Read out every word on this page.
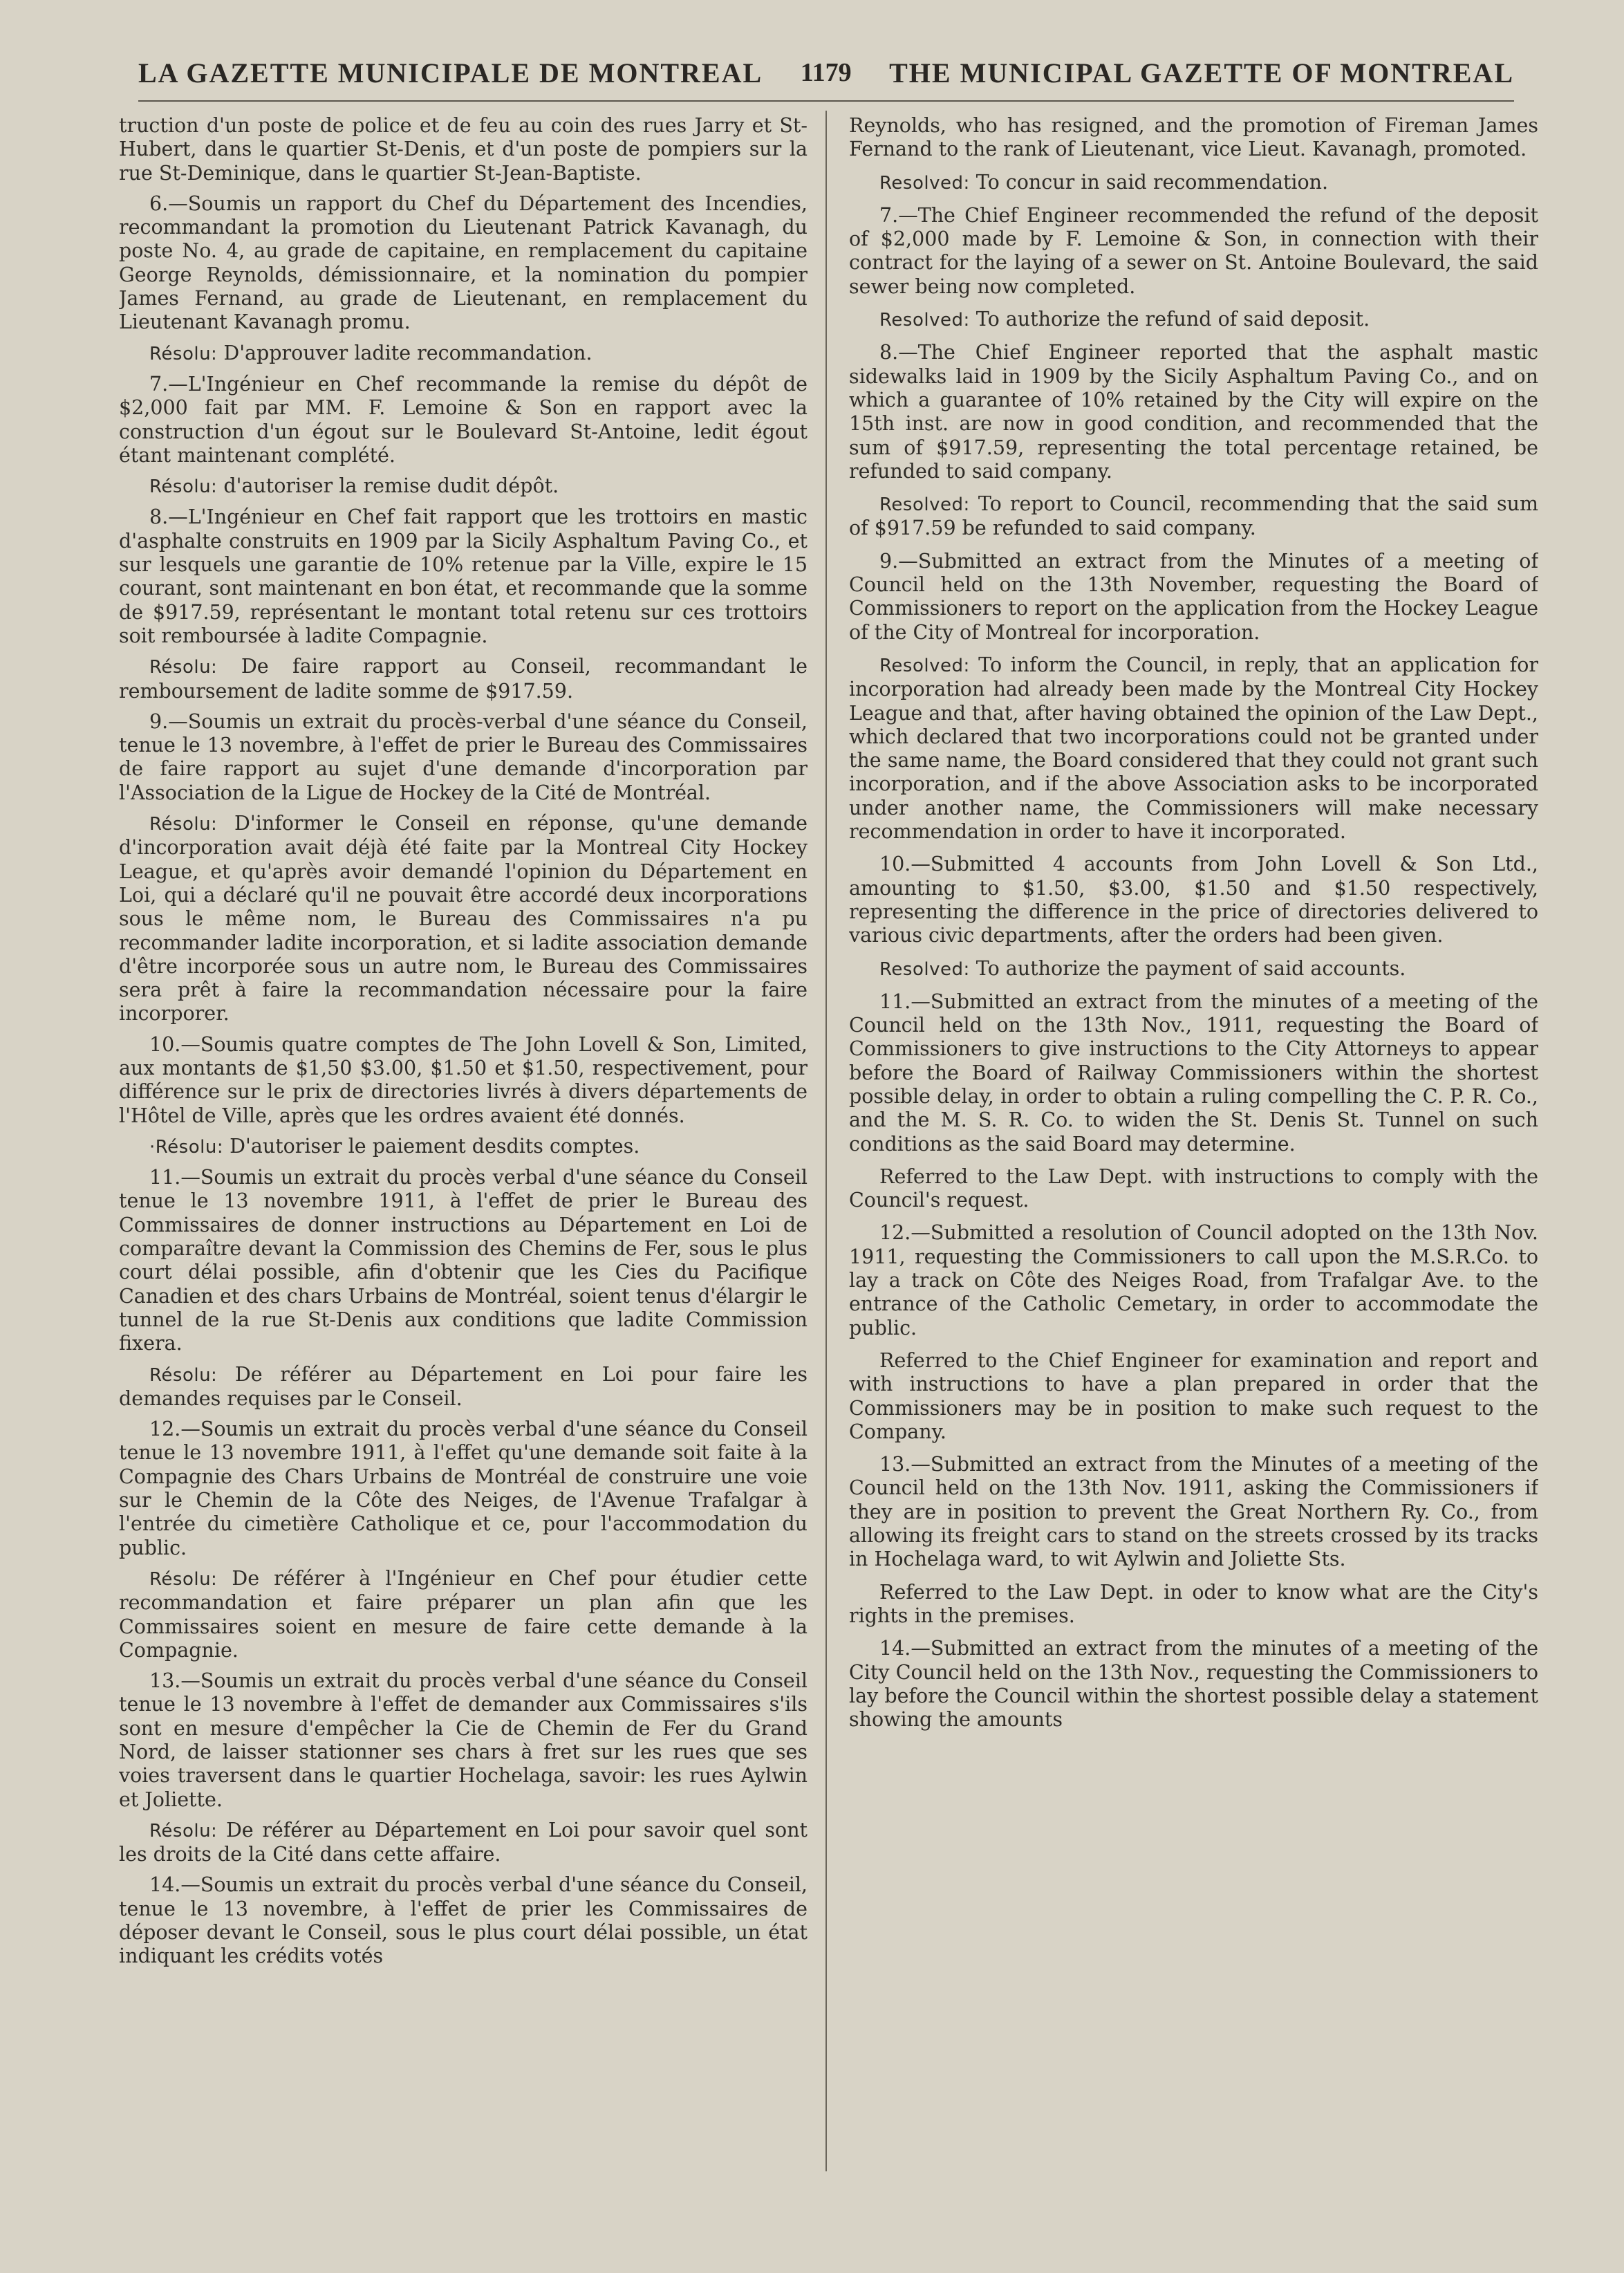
LA GAZETTE MUNICIPALE DE MONTREAL 1179 THE MUNICIPAL GAZETTE OF MONTREAL

truction d'un poste de police et de feu au coin des rues Jarry et St-Hubert, dans le quartier St-Denis, et d'un poste de pompiers sur la rue St-Deminique, dans le quartier St-Jean-Baptiste.

6.—Soumis un rapport du Chef du Département des Incendies, recommandant la promotion du Lieutenant Patrick Kavanagh, du poste No. 4, au grade de capitaine, en remplacement du capitaine George Reynolds, démissionnaire, et la nomination du pompier James Fernand, au grade de Lieutenant, en remplacement du Lieutenant Kavanagh promu.

Résolu: D'approuver ladite recommandation.

7.—L'Ingénieur en Chef recommande la remise du dépôt de $2,000 fait par MM. F. Lemoine & Son en rapport avec la construction d'un égout sur le Boulevard St-Antoine, ledit égout étant maintenant complété.

Résolu: d'autoriser la remise dudit dépôt.

8.—L'Ingénieur en Chef fait rapport que les trottoirs en mastic d'asphalte construits en 1909 par la Sicily Asphaltum Paving Co., et sur lesquels une garantie de 10% retenue par la Ville, expire le 15 courant, sont maintenant en bon état, et recommande que la somme de $917.59, représentant le montant total retenu sur ces trottoirs soit remboursée à ladite Compagnie.

Résolu: De faire rapport au Conseil, recommandant le remboursement de ladite somme de $917.59.

9.—Soumis un extrait du procès-verbal d'une séance du Conseil, tenue le 13 novembre, à l'effet de prier le Bureau des Commissaires de faire rapport au sujet d'une demande d'incorporation par l'Association de la Ligue de Hockey de la Cité de Montréal.

Résolu: D'informer le Conseil en réponse, qu'une demande d'incorporation avait déjà été faite par la Montreal City Hockey League, et qu'après avoir demandé l'opinion du Département en Loi, qui a déclaré qu'il ne pouvait être accordé deux incorporations sous le même nom, le Bureau des Commissaires n'a pu recommander ladite incorporation, et si ladite association demande d'être incorporée sous un autre nom, le Bureau des Commissaires sera prêt à faire la recommandation nécessaire pour la faire incorporer.

10.—Soumis quatre comptes de The John Lovell & Son, Limited, aux montants de $1,50 $3.00, $1.50 et $1.50, respectivement, pour différence sur le prix de directories livrés à divers départements de l'Hôtel de Ville, après que les ordres avaient été donnés.

·Résolu: D'autoriser le paiement desdits comptes.

11.—Soumis un extrait du procès verbal d'une séance du Conseil tenue le 13 novembre 1911, à l'effet de prier le Bureau des Commissaires de donner instructions au Département en Loi de comparaître devant la Commission des Chemins de Fer, sous le plus court délai possible, afin d'obtenir que les Cies du Pacifique Canadien et des chars Urbains de Montréal, soient tenus d'élargir le tunnel de la rue St-Denis aux conditions que ladite Commission fixera.

Résolu: De référer au Département en Loi pour faire les demandes requises par le Conseil.

12.—Soumis un extrait du procès verbal d'une séance du Conseil tenue le 13 novembre 1911, à l'effet qu'une demande soit faite à la Compagnie des Chars Urbains de Montréal de construire une voie sur le Chemin de la Côte des Neiges, de l'Avenue Trafalgar à l'entrée du cimetière Catholique et ce, pour l'accommodation du public.

Résolu: De référer à l'Ingénieur en Chef pour étudier cette recommandation et faire préparer un plan afin que les Commissaires soient en mesure de faire cette demande à la Compagnie.

13.—Soumis un extrait du procès verbal d'une séance du Conseil tenue le 13 novembre à l'effet de demander aux Commissaires s'ils sont en mesure d'empêcher la Cie de Chemin de Fer du Grand Nord, de laisser stationner ses chars à fret sur les rues que ses voies traversent dans le quartier Hochelaga, savoir: les rues Aylwin et Joliette.

Résolu: De référer au Département en Loi pour savoir quel sont les droits de la Cité dans cette affaire.

14.—Soumis un extrait du procès verbal d'une séance du Conseil, tenue le 13 novembre, à l'effet de prier les Commissaires de déposer devant le Conseil, sous le plus court délai possible, un état indiquant les crédits votés

Reynolds, who has resigned, and the promotion of Fireman James Fernand to the rank of Lieutenant, vice Lieut. Kavanagh, promoted.

Resolved: To concur in said recommendation.

7.—The Chief Engineer recommended the refund of the deposit of $2,000 made by F. Lemoine & Son, in connection with their contract for the laying of a sewer on St. Antoine Boulevard, the said sewer being now completed.

Resolved: To authorize the refund of said deposit.

8.—The Chief Engineer reported that the asphalt mastic sidewalks laid in 1909 by the Sicily Asphaltum Paving Co., and on which a guarantee of 10% retained by the City will expire on the 15th inst. are now in good condition, and recommended that the sum of $917.59, representing the total percentage retained, be refunded to said company.

Resolved: To report to Council, recommending that the said sum of $917.59 be refunded to said company.

9.—Submitted an extract from the Minutes of a meeting of Council held on the 13th November, requesting the Board of Commissioners to report on the application from the Hockey League of the City of Montreal for incorporation.

Resolved: To inform the Council, in reply, that an application for incorporation had already been made by the Montreal City Hockey League and that, after having obtained the opinion of the Law Dept., which declared that two incorporations could not be granted under the same name, the Board considered that they could not grant such incorporation, and if the above Association asks to be incorporated under another name, the Commissioners will make necessary recommendation in order to have it incorporated.

10.—Submitted 4 accounts from John Lovell & Son Ltd., amounting to $1.50, $3.00, $1.50 and $1.50 respectively, representing the difference in the price of directories delivered to various civic departments, after the orders had been given.

Resolved: To authorize the payment of said accounts.

11.—Submitted an extract from the minutes of a meeting of the Council held on the 13th Nov., 1911, requesting the Board of Commissioners to give instructions to the City Attorneys to appear before the Board of Railway Commissioners within the shortest possible delay, in order to obtain a ruling compelling the C. P. R. Co., and the M. S. R. Co. to widen the St. Denis St. Tunnel on such conditions as the said Board may determine.

Referred to the Law Dept. with instructions to comply with the Council's request.

12.—Submitted a resolution of Council adopted on the 13th Nov. 1911, requesting the Commissioners to call upon the M.S.R.Co. to lay a track on Côte des Neiges Road, from Trafalgar Ave. to the entrance of the Catholic Cemetary, in order to accommodate the public.

Referred to the Chief Engineer for examination and report and with instructions to have a plan prepared in order that the Commissioners may be in position to make such request to the Company.

13.—Submitted an extract from the Minutes of a meeting of the Council held on the 13th Nov. 1911, asking the Commissioners if they are in position to prevent the Great Northern Ry. Co., from allowing its freight cars to stand on the streets crossed by its tracks in Hochelaga ward, to wit Aylwin and Joliette Sts.

Referred to the Law Dept. in oder to know what are the City's rights in the premises.

14.—Submitted an extract from the minutes of a meeting of the City Council held on the 13th Nov., requesting the Commissioners to lay before the Council within the shortest possible delay a statement showing the amounts
